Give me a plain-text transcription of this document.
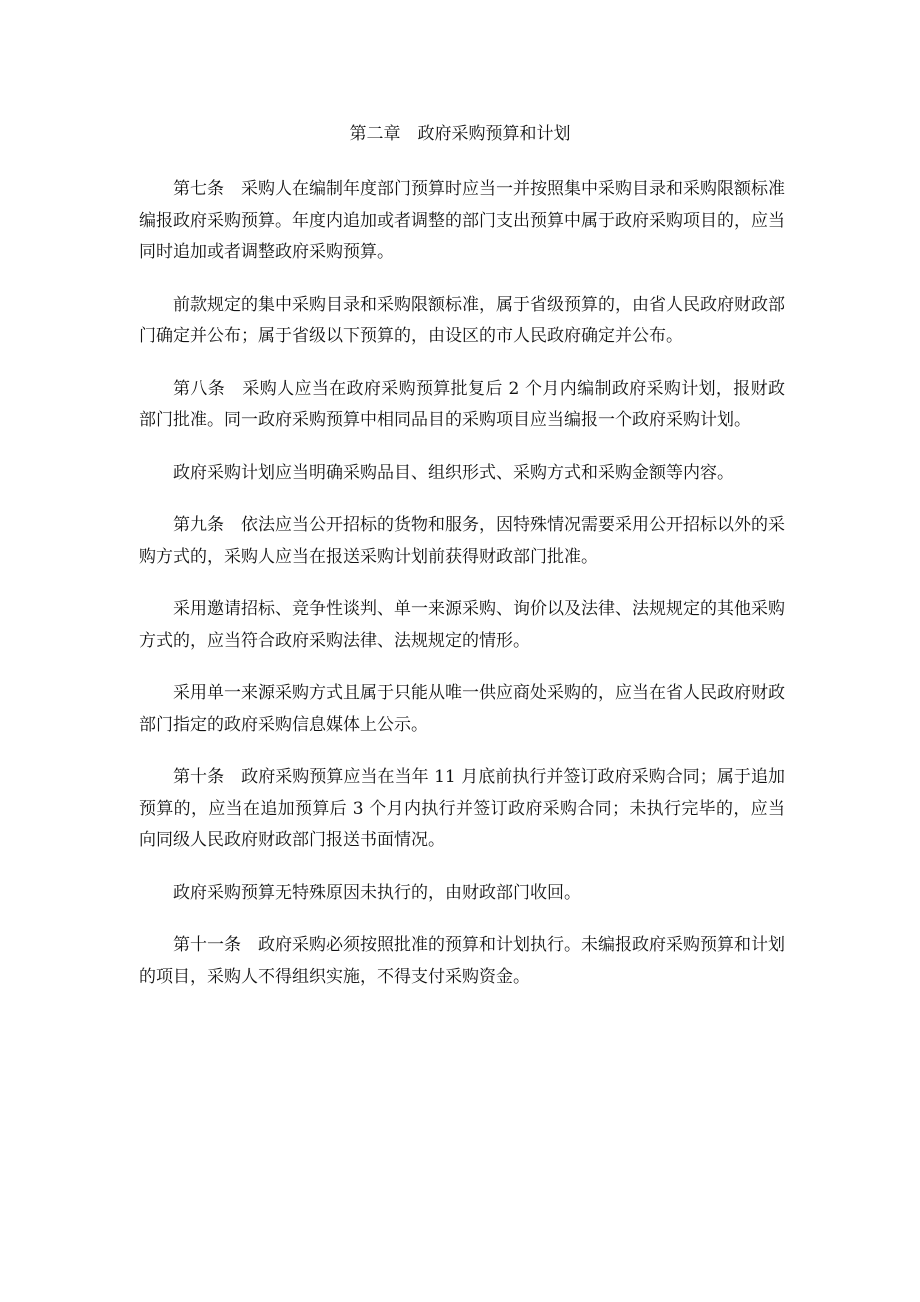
第二章　政府采购预算和计划

第七条　采购人在编制年度部门预算时应当一并按照集中采购目录和采购限额标准编报政府采购预算。年度内追加或者调整的部门支出预算中属于政府采购项目的，应当同时追加或者调整政府采购预算。

前款规定的集中采购目录和采购限额标准，属于省级预算的，由省人民政府财政部门确定并公布；属于省级以下预算的，由设区的市人民政府确定并公布。

第八条　采购人应当在政府采购预算批复后 2 个月内编制政府采购计划，报财政部门批准。同一政府采购预算中相同品目的采购项目应当编报一个政府采购计划。

政府采购计划应当明确采购品目、组织形式、采购方式和采购金额等内容。

第九条　依法应当公开招标的货物和服务，因特殊情况需要采用公开招标以外的采购方式的，采购人应当在报送采购计划前获得财政部门批准。

采用邀请招标、竞争性谈判、单一来源采购、询价以及法律、法规规定的其他采购方式的，应当符合政府采购法律、法规规定的情形。

采用单一来源采购方式且属于只能从唯一供应商处采购的，应当在省人民政府财政部门指定的政府采购信息媒体上公示。

第十条　政府采购预算应当在当年 11 月底前执行并签订政府采购合同；属于追加预算的，应当在追加预算后 3 个月内执行并签订政府采购合同；未执行完毕的，应当向同级人民政府财政部门报送书面情况。

政府采购预算无特殊原因未执行的，由财政部门收回。

第十一条　政府采购必须按照批准的预算和计划执行。未编报政府采购预算和计划的项目，采购人不得组织实施，不得支付采购资金。
